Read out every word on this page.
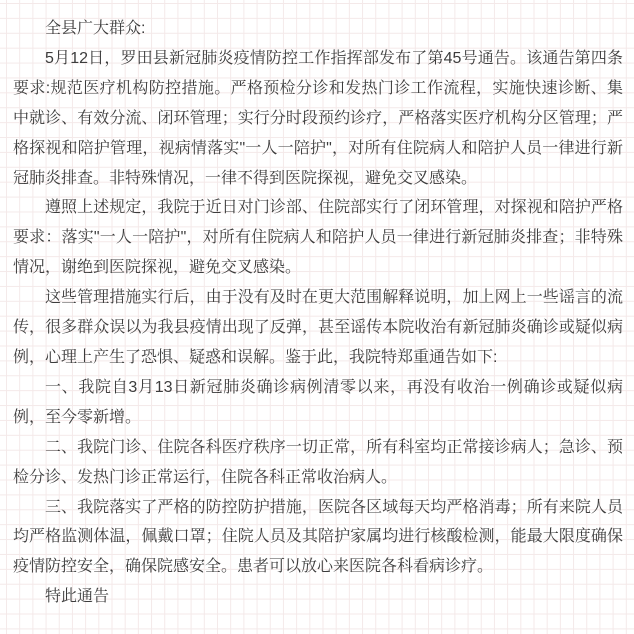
全县广大群众:

5月12日，罗田县新冠肺炎疫情防控工作指挥部发布了第45号通告。该通告第四条要求:规范医疗机构防控措施。严格预检分诊和发热门诊工作流程，实施快速诊断、集中就诊、有效分流、闭环管理；实行分时段预约诊疗，严格落实医疗机构分区管理；严格探视和陪护管理，视病情落实"一人一陪护"，对所有住院病人和陪护人员一律进行新冠肺炎排查。非特殊情况，一律不得到医院探视，避免交叉感染。

遵照上述规定，我院于近日对门诊部、住院部实行了闭环管理，对探视和陪护严格要求：落实"一人一陪护"，对所有住院病人和陪护人员一律进行新冠肺炎排查；非特殊情况，谢绝到医院探视，避免交叉感染。

这些管理措施实行后，由于没有及时在更大范围解释说明，加上网上一些谣言的流传，很多群众误以为我县疫情出现了反弹，甚至谣传本院收治有新冠肺炎确诊或疑似病例，心理上产生了恐惧、疑惑和误解。鉴于此，我院特郑重通告如下:

一、我院自3月13日新冠肺炎确诊病例清零以来，再没有收治一例确诊或疑似病例，至今零新增。

二、我院门诊、住院各科医疗秩序一切正常，所有科室均正常接诊病人；急诊、预检分诊、发热门诊正常运行，住院各科正常收治病人。

三、我院落实了严格的防控防护措施，医院各区域每天均严格消毒；所有来院人员均严格监测体温，佩戴口罩；住院人员及其陪护家属均进行核酸检测，能最大限度确保疫情防控安全，确保院感安全。患者可以放心来医院各科看病诊疗。

特此通告
